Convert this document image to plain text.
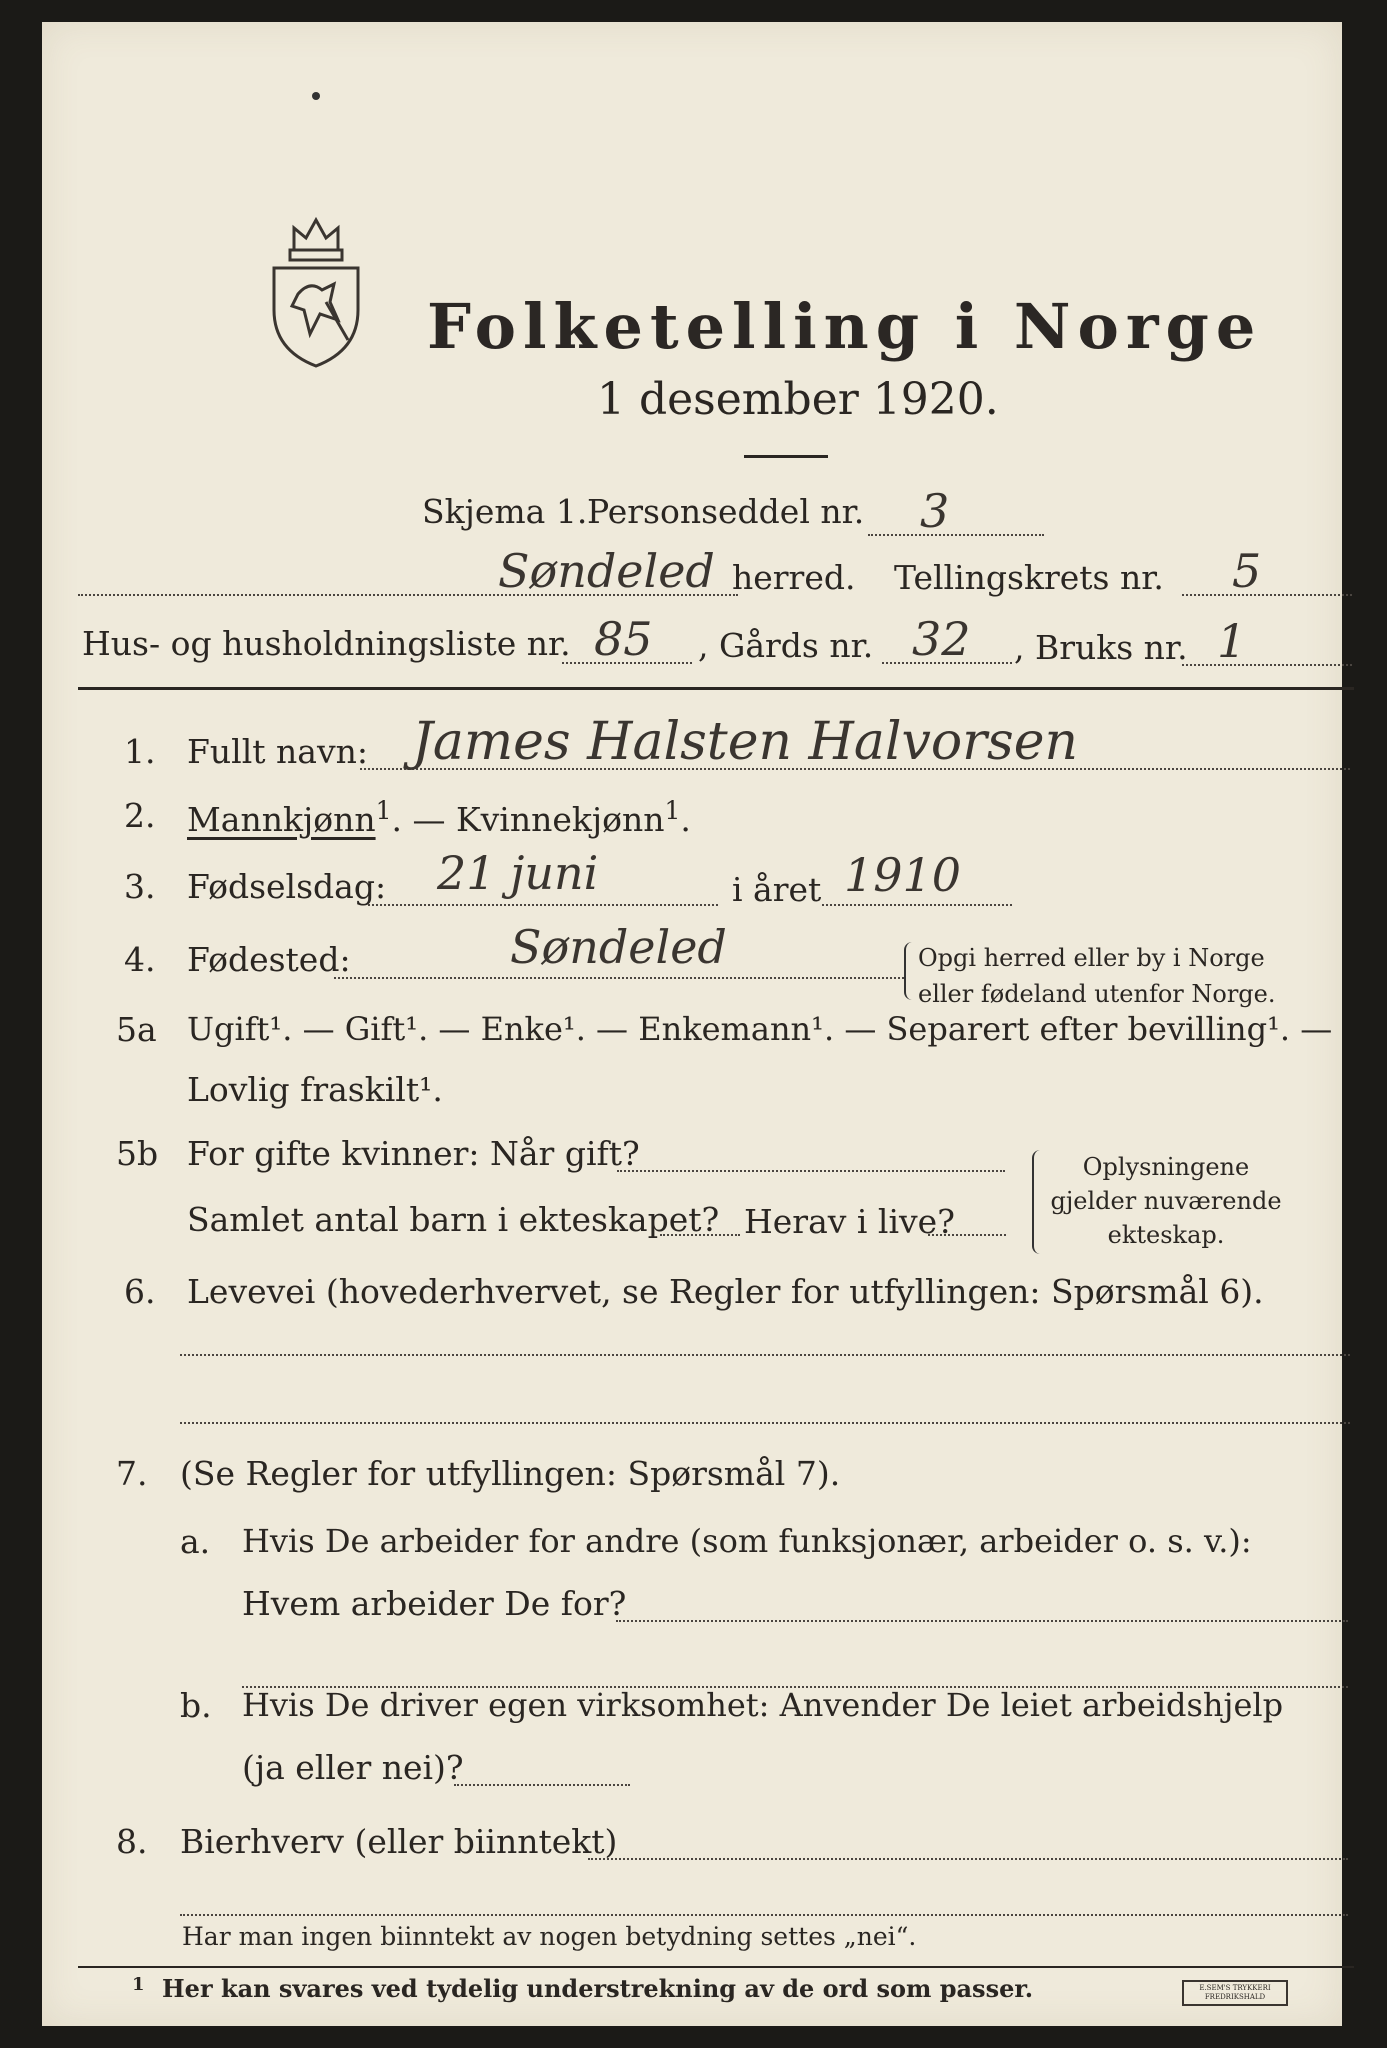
Folketelling i Norge
1 desember 1920.
Skjema 1. Personseddel nr. 3
Søndeled herred. Tellingskrets nr. 5
Hus- og husholdningsliste nr. 85 , Gårds nr. 32 , Bruks nr. 1
1. Fullt navn: James Halsten Halvorsen
2. Mannkjønn$^1$. — Kvinnekjønn$^1$.
3. Fødselsdag: 21 juni	i året 1910
4. Fødested:	Søndeled	Opgi herred eller by i Norge
eller fødeland utenfor Norge.
5a Ugift¹. — Gift¹. — Enke¹. — Enkemann¹. — Separert efter bevilling¹. —
Lovlig fraskilt¹.
5b For gifte kvinner: Når gift?
Samlet antal barn i ekteskapet? Herav i live?
Oplysningene
gjelder nuværende
ekteskap.
6. Levevei (hovederhvervet, se Regler for utfyllingen: Spørsmål 6).
7. (Se Regler for utfyllingen: Spørsmål 7).
a. Hvis De arbeider for andre (som funksjonær, arbeider o. s. v.):
Hvem arbeider De for?
b. Hvis De driver egen virksomhet: Anvender De leiet arbeidshjelp
(ja eller nei)?
8. Bierhverv (eller biinntekt)
Har man ingen biinntekt av nogen betydning settes „nei“.
1 Her kan svares ved tydelig understrekning av de ord som passer.	E.SEM'S TRYKKERI FREDRIKSHALD
